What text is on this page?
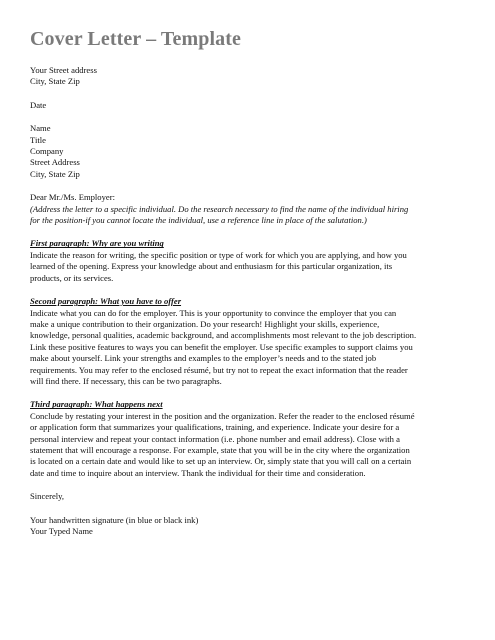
Cover Letter – Template
Your Street address
City, State Zip
Date
Name
Title
Company
Street Address
City, State Zip
Dear Mr./Ms. Employer:
(Address the letter to a specific individual. Do the research necessary to find the name of the individual hiring
for the position-if you cannot locate the individual, use a reference line in place of the salutation.)
First paragraph: Why are you writing
Indicate the reason for writing, the specific position or type of work for which you are applying, and how you
learned of the opening. Express your knowledge about and enthusiasm for this particular organization, its
products, or its services.
Second paragraph: What you have to offer
Indicate what you can do for the employer. This is your opportunity to convince the employer that you can
make a unique contribution to their organization. Do your research! Highlight your skills, experience,
knowledge, personal qualities, academic background, and accomplishments most relevant to the job description.
Link these positive features to ways you can benefit the employer. Use specific examples to support claims you
make about yourself. Link your strengths and examples to the employer’s needs and to the stated job
requirements. You may refer to the enclosed résumé, but try not to repeat the exact information that the reader
will find there. If necessary, this can be two paragraphs.
Third paragraph: What happens next
Conclude by restating your interest in the position and the organization. Refer the reader to the enclosed résumé
or application form that summarizes your qualifications, training, and experience. Indicate your desire for a
personal interview and repeat your contact information (i.e. phone number and email address). Close with a
statement that will encourage a response. For example, state that you will be in the city where the organization
is located on a certain date and would like to set up an interview. Or, simply state that you will call on a certain
date and time to inquire about an interview. Thank the individual for their time and consideration.
Sincerely,
Your handwritten signature (in blue or black ink)
Your Typed Name
